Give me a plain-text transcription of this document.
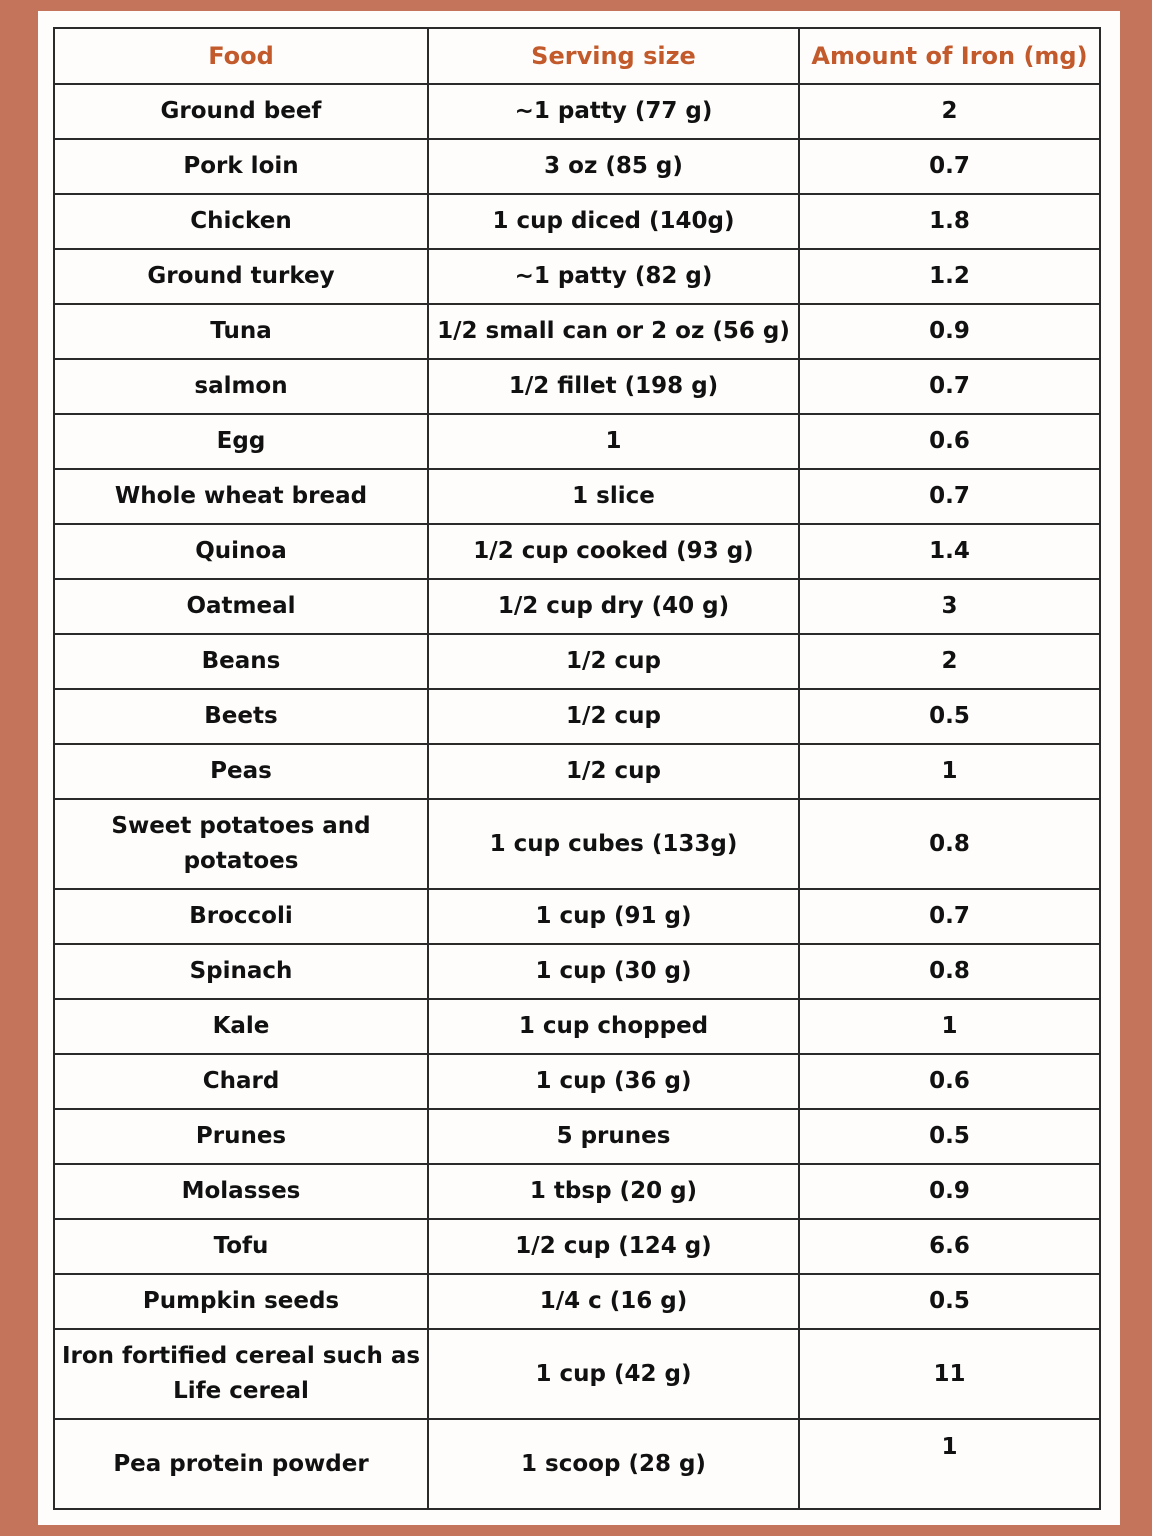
Food	Serving size	Amount of Iron (mg)
Ground beef	~1 patty (77 g)	2
Pork loin	3 oz (85 g)	0.7
Chicken	1 cup diced (140g)	1.8
Ground turkey	~1 patty (82 g)	1.2
Tuna	1/2 small can or 2 oz (56 g)	0.9
salmon	1/2 fillet (198 g)	0.7
Egg	1	0.6
Whole wheat bread	1 slice	0.7
Quinoa	1/2 cup cooked (93 g)	1.4
Oatmeal	1/2 cup dry (40 g)	3
Beans	1/2 cup	2
Beets	1/2 cup	0.5
Peas	1/2 cup	1
Sweet potatoes and potatoes	1 cup cubes (133g)	0.8
Broccoli	1 cup (91 g)	0.7
Spinach	1 cup (30 g)	0.8
Kale	1 cup chopped	1
Chard	1 cup (36 g)	0.6
Prunes	5 prunes	0.5
Molasses	1 tbsp (20 g)	0.9
Tofu	1/2 cup (124 g)	6.6
Pumpkin seeds	1/4 c (16 g)	0.5
Iron fortified cereal such as Life cereal	1 cup (42 g)	11
Pea protein powder	1 scoop (28 g)	1
